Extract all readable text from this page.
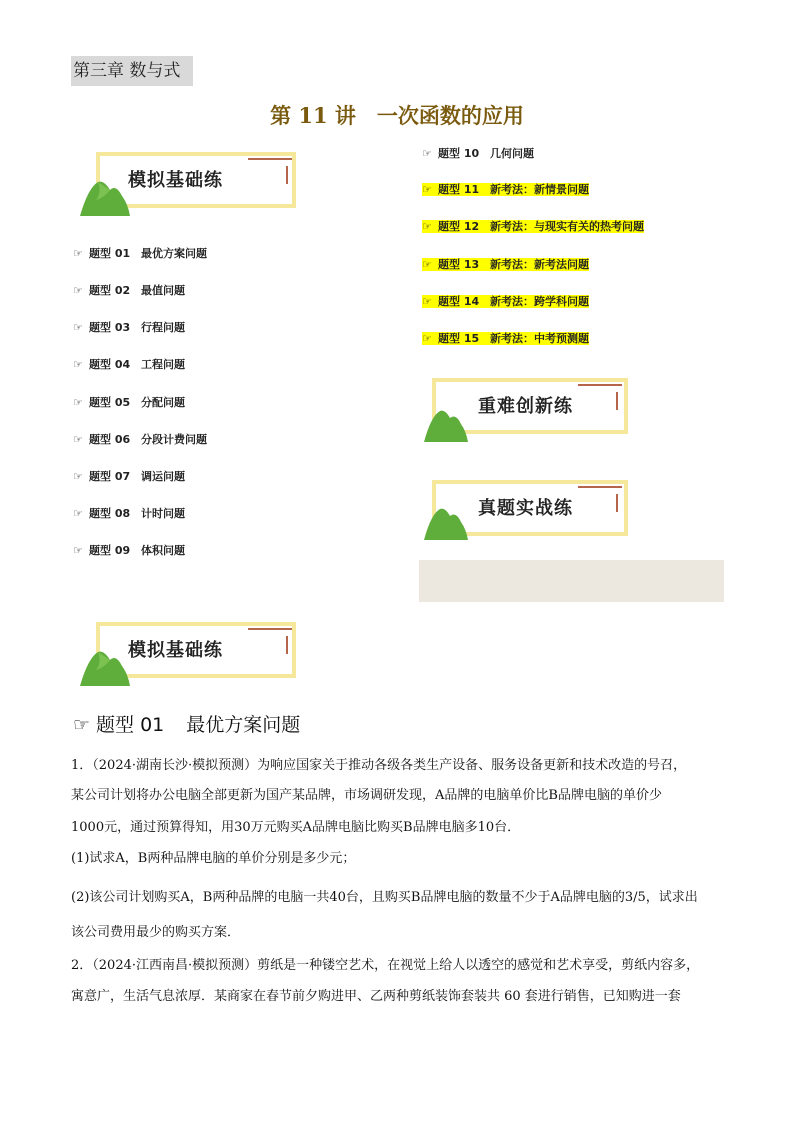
第三章 数与式
第 11 讲　一次函数的应用
模拟基础练
☞ 题型 01 最优方案问题
☞ 题型 02 最值问题
☞ 题型 03 行程问题
☞ 题型 04 工程问题
☞ 题型 05 分配问题
☞ 题型 06 分段计费问题
☞ 题型 07 调运问题
☞ 题型 08 计时问题
☞ 题型 09 体积问题
☞ 题型 10 几何问题
☞ 题型 11 新考法：新情景问题
☞ 题型 12 新考法：与现实有关的热考问题
☞ 题型 13 新考法：新考法问题
☞ 题型 14 新考法：跨学科问题
☞ 题型 15 新考法：中考预测题
重难创新练
真题实战练
模拟基础练
☞ 题型 01 最优方案问题
1．（2024·湖南长沙·模拟预测）为响应国家关于推动各级各类生产设备、服务设备更新和技术改造的号召，
某公司计划将办公电脑全部更新为国产某品牌，市场调研发现，A品牌的电脑单价比B品牌电脑的单价少
1000元，通过预算得知，用30万元购买A品牌电脑比购买B品牌电脑多10台．
(1)试求A，B两种品牌电脑的单价分别是多少元；
(2)该公司计划购买A，B两种品牌的电脑一共40台，且购买B品牌电脑的数量不少于A品牌电脑的3/5，试求出
该公司费用最少的购买方案．
2．（2024·江西南昌·模拟预测）剪纸是一种镂空艺术，在视觉上给人以透空的感觉和艺术享受，剪纸内容多，
寓意广，生活气息浓厚．某商家在春节前夕购进甲、乙两种剪纸装饰套装共 60 套进行销售，已知购进一套
